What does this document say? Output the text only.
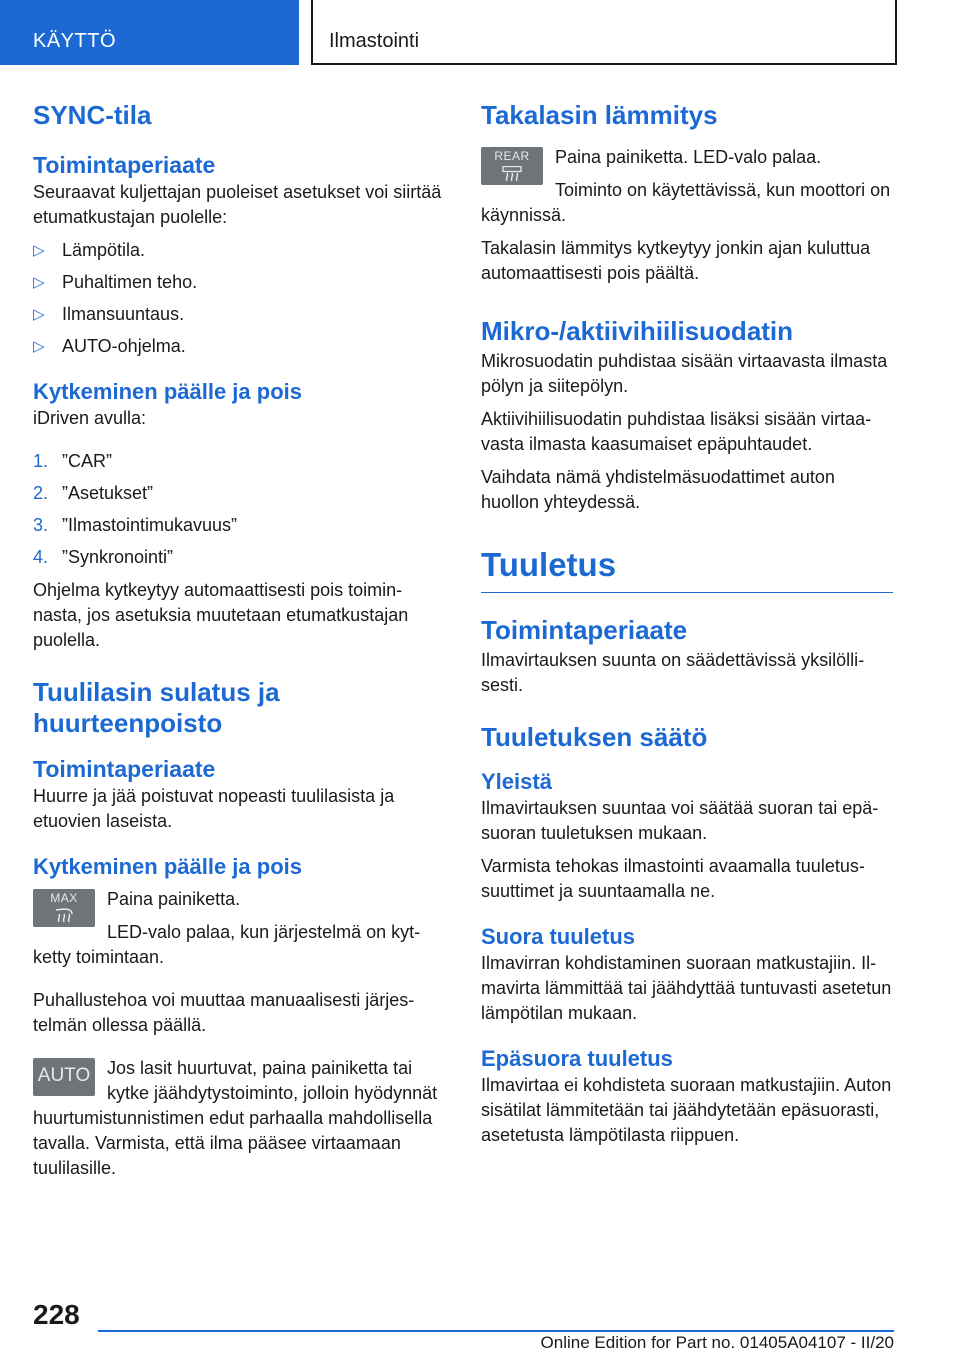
KÄYTTÖ	Ilmastointi
SYNC-tila
Toimintaperiaate

Seuraavat kuljettajan puoleiset asetukset voi siirtää etumatkustajan puolelle:

▷ Lämpötila.
▷ Puhaltimen teho.
▷ Ilmansuuntaus.
▷ AUTO-ohjelma.
Kytkeminen päälle ja pois

iDriven avulla:

1. ”CAR”
2. ”Asetukset”
3. ”Ilmastointimukavuus”
4. ”Synkronointi”

Ohjelma kytkeytyy automaattisesti pois toiminnasta, jos asetuksia muutetaan etumatkustajan puolella.

Tuulilasin sulatus ja huurteenpoisto
Toimintaperiaate

Huurre ja jää poistuvat nopeasti tuulilasista ja etuovien laseista.

Kytkeminen päälle ja pois
MAX	Paina painiketta.

LED-valo palaa, kun järjestelmä on kytketty toimintaan.

Puhallustehoa voi muuttaa manuaalisesti järjestelmän ollessa päällä.

AUTO Jos lasit huurtuvat, paina painiketta tai kytke jäähdytystoiminto, jolloin hyödynnät huurtumistunnistimen edut parhaalla mahdollisella tavalla. Varmista, että ilma pääsee virtaamaan tuulilasille.

Takalasin lämmitys
REAR	Paina painiketta. LED-valo palaa.

Toiminto on käytettävissä, kun moottori on käynnissä.

Takalasin lämmitys kytkeytyy jonkin ajan kuluttua automaattisesti pois päältä.

Mikro-/aktiivihiilisuodatin

Mikrosuodatin puhdistaa sisään virtaavasta ilmasta pölyn ja siitepölyn.

Aktiivihiilisuodatin puhdistaa lisäksi sisään virtaavasta ilmasta kaasumaiset epäpuhtaudet.

Vaihdata nämä yhdistelmäsuodattimet auton huollon yhteydessä.

Tuuletus
Toimintaperiaate

Ilmavirtauksen suunta on säädettävissä yksilöllisesti.

Tuuletuksen säätö
Yleistä

Ilmavirtauksen suuntaa voi säätää suoran tai epäsuoran tuuletuksen mukaan.

Varmista tehokas ilmastointi avaamalla tuuletussuuttimet ja suuntaamalla ne.

Suora tuuletus

Ilmavirran kohdistaminen suoraan matkustajiin. Ilmavirta lämmittää tai jäähdyttää tuntuvasti asetetun lämpötilan mukaan.

Epäsuora tuuletus

Ilmavirtaa ei kohdisteta suoraan matkustajiin. Auton sisätilat lämmitetään tai jäähdytetään epäsuorasti, asetetusta lämpötilasta riippuen.

228
Online Edition for Part no. 01405A04107 - II/20
